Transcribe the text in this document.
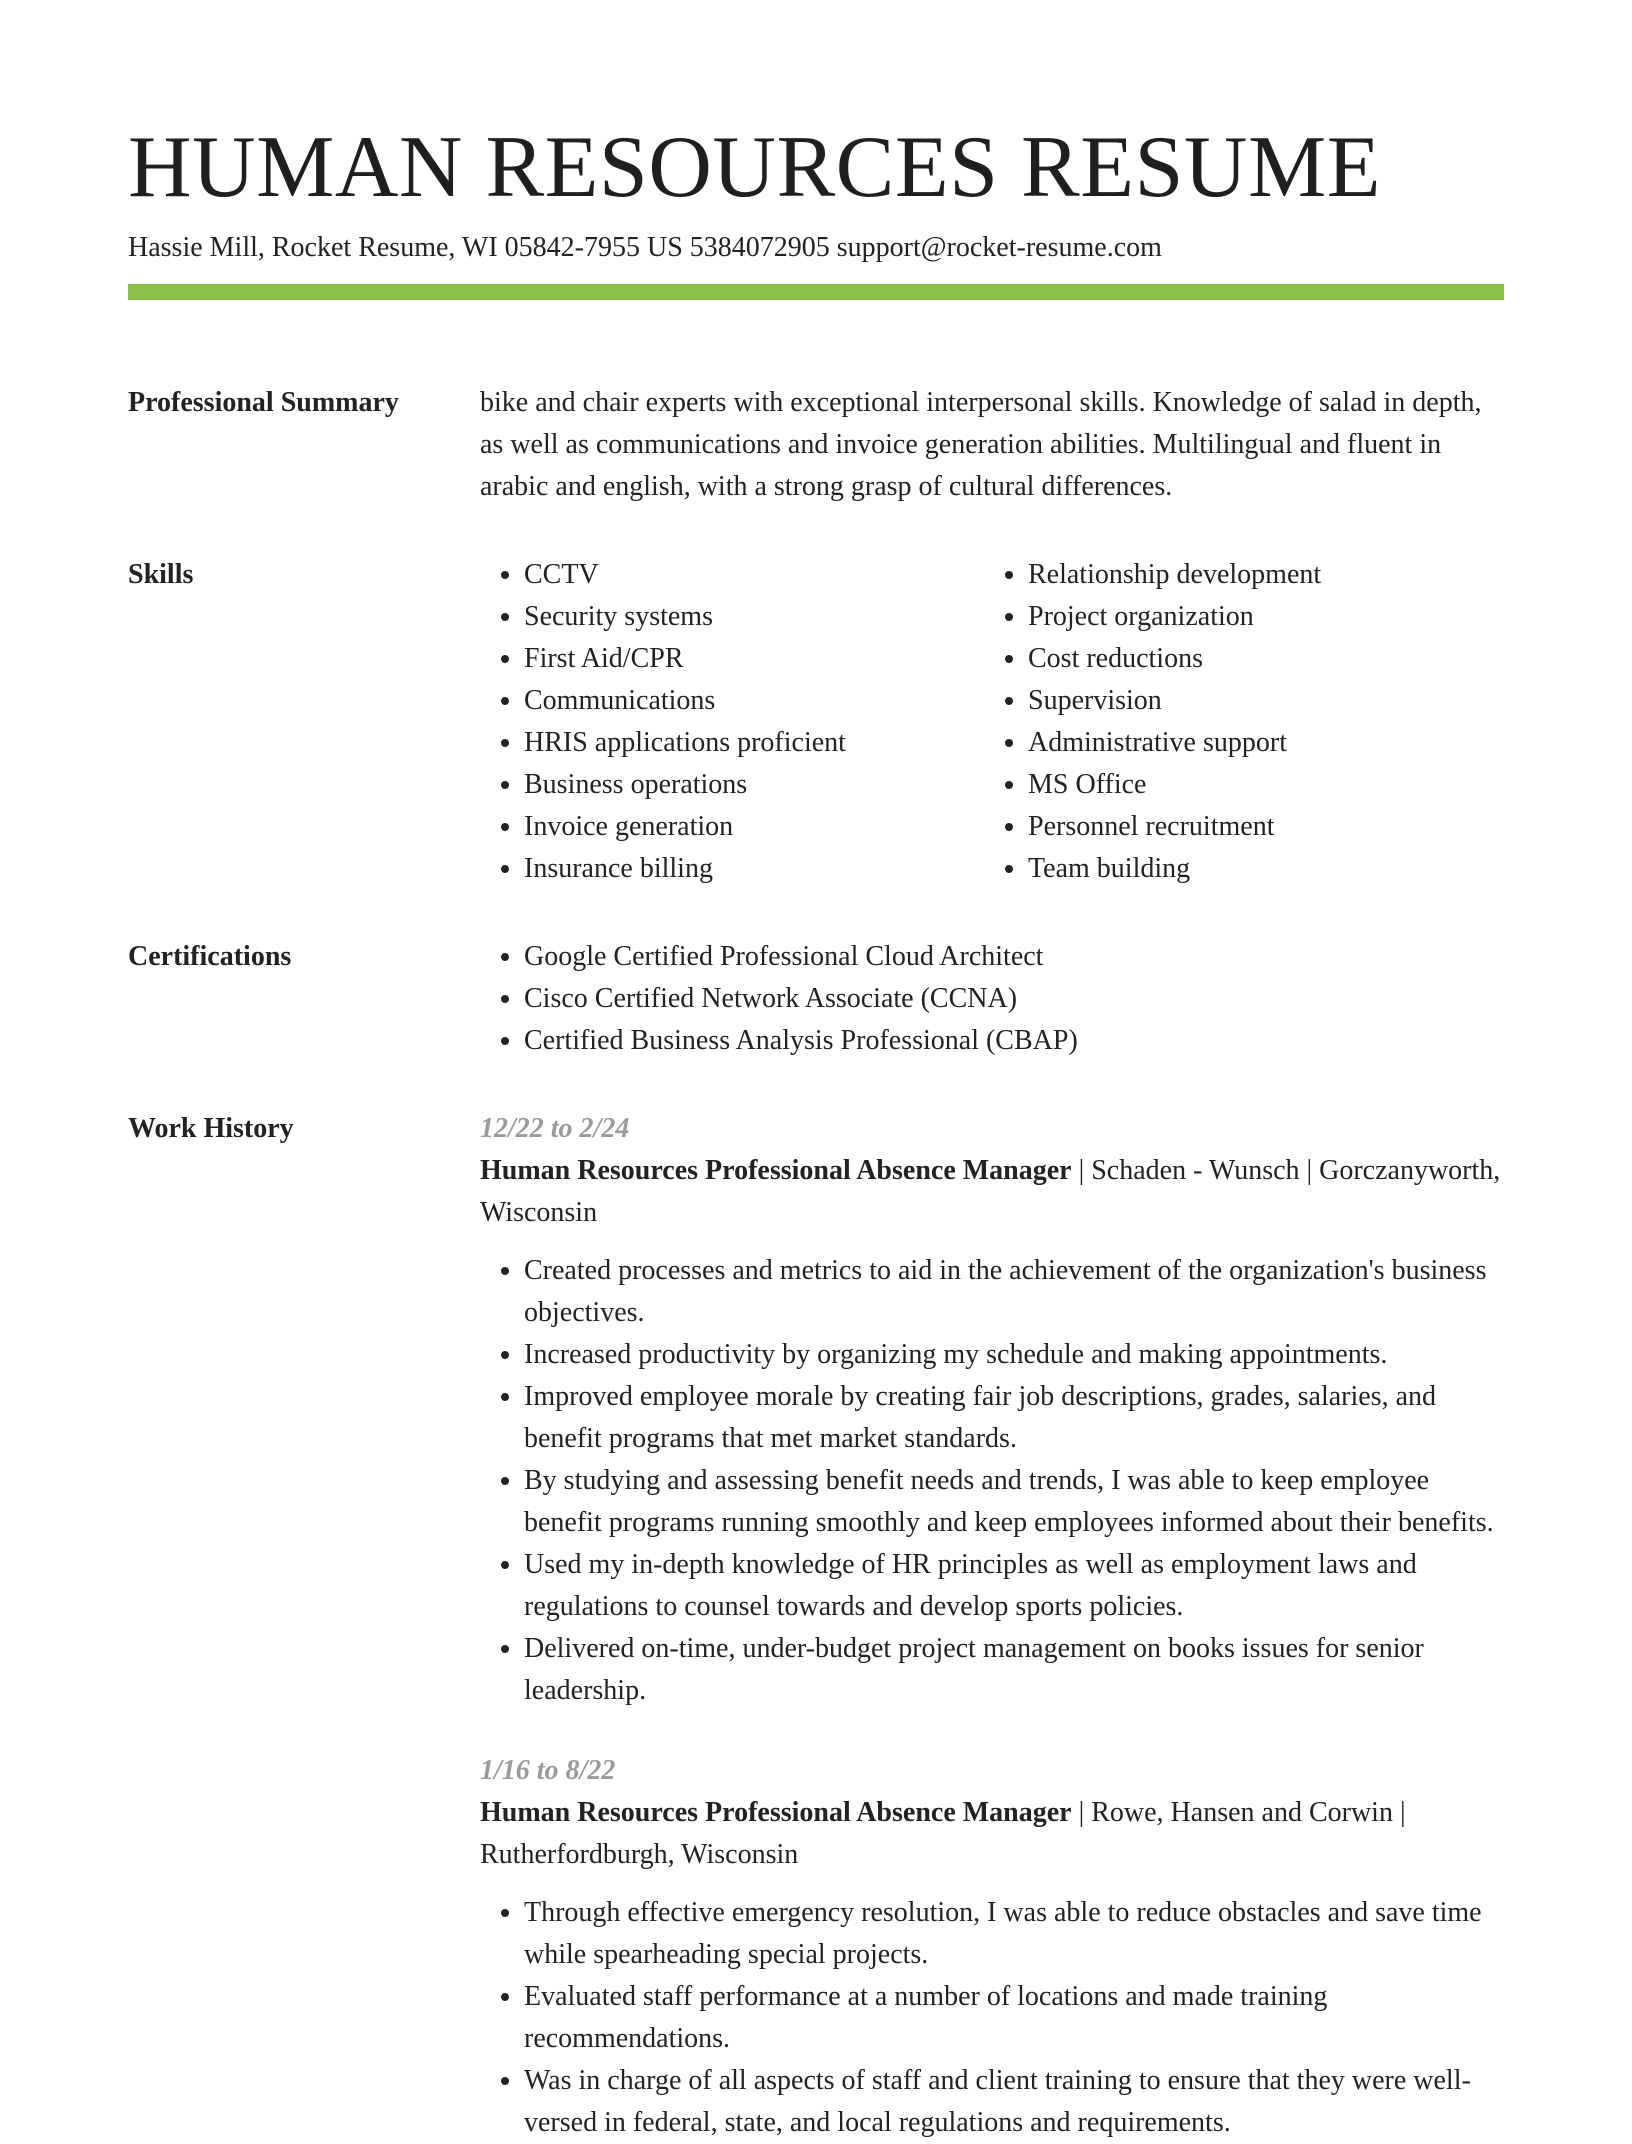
HUMAN RESOURCES RESUME
Hassie Mill, Rocket Resume, WI 05842-7955 US 5384072905 support@rocket-resume.com
Professional Summary	bike and chair experts with exceptional interpersonal skills. Knowledge of salad in depth, as well as communications and invoice generation abilities. Multilingual and fluent in arabic and english, with a strong grasp of cultural differences.

Skills	• CCTV
• Security systems
• First Aid/CPR
• Communications
• HRIS applications proficient
• Business operations
• Invoice generation
• Insurance billing
• Relationship development
• Project organization
• Cost reductions
• Supervision
• Administrative support
• MS Office
• Personnel recruitment
• Team building
Certifications	• Google Certified Professional Cloud Architect
• Cisco Certified Network Associate (CCNA)
• Certified Business Analysis Professional (CBAP)
Work History	12/22 to 2/24
Human Resources Professional Absence Manager | Schaden - Wunsch | Gorczanyworth, Wisconsin
• Created processes and metrics to aid in the achievement of the organization's business objectives.
• Increased productivity by organizing my schedule and making appointments.
• Improved employee morale by creating fair job descriptions, grades, salaries, and benefit programs that met market standards.
• By studying and assessing benefit needs and trends, I was able to keep employee benefit programs running smoothly and keep employees informed about their benefits.
• Used my in-depth knowledge of HR principles as well as employment laws and regulations to counsel towards and develop sports policies.
• Delivered on-time, under-budget project management on books issues for senior leadership.
1/16 to 8/22
Human Resources Professional Absence Manager | Rowe, Hansen and Corwin | Rutherfordburgh, Wisconsin
• Through effective emergency resolution, I was able to reduce obstacles and save time while spearheading special projects.
• Evaluated staff performance at a number of locations and made training recommendations.
• Was in charge of all aspects of staff and client training to ensure that they were well-versed in federal, state, and local regulations and requirements.
